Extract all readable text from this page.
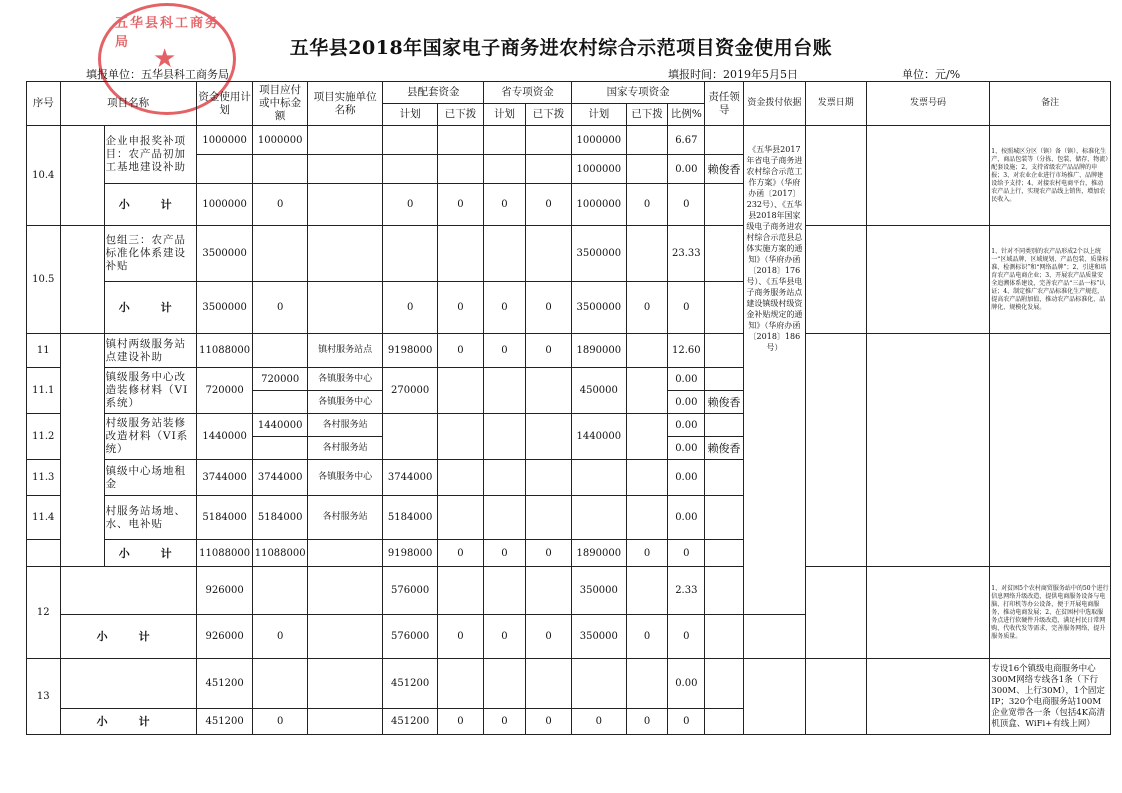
五华县2018年国家电子商务进农村综合示范项目资金使用台账
五华县科工商务局
★
填报单位：五华县科工商务局	填报时间：2019年5月5日	单位：元/%
序号	项目名称		资金使用计划	项目应付或中标金额	项目实施单位名称	县配套资金		省专项资金		国家专项资金			责任领导	资金拨付依据	发票日期	发票号码	备注
						计划	已下拨	计划	已下拨	计划	已下拨	比例%					
10.4		企业申报奖补项目：农产品初加工基地建设补助	1000000	1000000						1000000		6.67		《五华县2017年省电子商务进农村综合示范工作方案》（华府办函〔2017〕232号）、《五华县2018年国家级电子商务进农村综合示范县总体实施方案的通知》（华府办函〔2018〕176号）、《五华县电子商务服务站点建设镇级村级资金补贴规定的通知》（华府办函〔2018〕186号）			1、按照城区分区（镇）备（镇），标准化生产，商品包装等（分拣、包装、储存、物流）配套设施；2、支持省级农产品品牌的申报；3、对农业企业进行市场推广、品牌建设给予支持；4、对接农村电商平台，推动农产品上行，实现农产品线上销售，增加农民收入。
										1000000		0.00	赖俊香				
		小　计	1000000	0		0	0	0	0	1000000	0	0					
10.5		包组三：农产品标准化体系建设补贴	3500000							3500000		23.33					1、针对不同类别的农产品形成2个以上统一“区域品牌、区域规划、产品包装、质量标准、检测标识”和“网络品牌”；2、引进和培育农产品电商企业；3、开展农产品质量安全追溯体系建设，完善农产品“三品一标”认证；4、制定推广农产品标准化生产规范，提高农产品附加值，推动农产品标准化、品牌化、规模化发展。
		小　计	3500000	0		0	0	0	0	3500000	0	0					
11		镇村两级服务站点建设补助	11088000		镇村服务站点	9198000	0	0	0	1890000		12.60					
11.1		镇级服务中心改造装修材料（VI系统）	720000	720000	各镇服务中心	270000				450000		0.00					
					各镇服务中心							0.00	赖俊香				
11.2		村级服务站装修改造材料（VI系统）	1440000	1440000	各村服务站					1440000		0.00					
					各村服务站							0.00	赖俊香				
11.3		镇级中心场地租金	3744000	3744000	各镇服务中心	3744000						0.00					
11.4		村服务站场地、水、电补贴	5184000	5184000	各村服务站	5184000						0.00					
		小　计	11088000	11088000		9198000	0	0	0	1890000	0	0					
12			926000			576000				350000		2.33					1、对贫困5个农村商贸服务站中的50个进行信息网络升级改造，提供电商服务设备与电脑、打印机等办公设备，便于开展电商服务，推动电商发展；2、在贫困村中选取服务点进行软硬件升级改造，满足村民日常网购、代收代发等需求，完善服务网络，提升服务质量。
	小　计		926000	0		576000	0	0	0	350000	0	0					
13			451200			451200						0.00					专设16个镇级电商服务中心300M网络专线各1条（下行300M、上行30M），1个固定IP；320个电商服务站100M企业宽带各一条（包括4K高清机顶盒、WiFi+有线上网）
	小　计		451200	0		451200	0	0	0	0	0	0					
